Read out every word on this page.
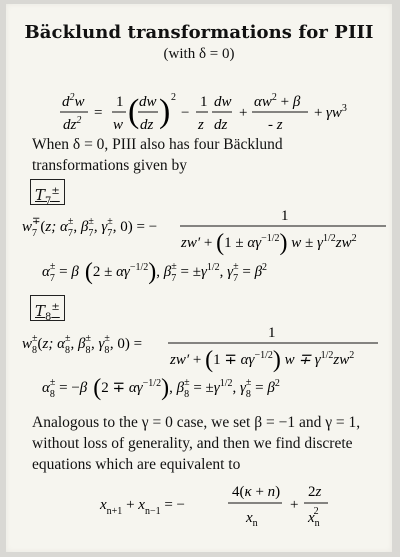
Bäcklund transformations for PIII
(with δ = 0)
$d^2w$
$dz^2$ =
1
w ( dw
dz ) 2
−
1
z
dw
dz
+
$\alpha w^2 + \beta$
- z
+ $\gamma w^3$
When δ = 0, PIII also has four Bäcklund transformations given by
$T_7^\pm$
$w_7\mp(z$; $\alpha_7\pm$, $\beta_7\pm$, $\gamma_7\pm$, 0) = −
1
$zw' + (1 \pm \alpha\gamma^{-1/2})$ $w \pm \gamma^{1/2}zw^2$
$\alpha_7\pm = \beta$ $(2 \pm \alpha\gamma^{-1/2})$, $\beta_7\pm = \pm\gamma^{1/2}$, $\gamma_7\pm = \beta^2$
$T_8^\pm$
$w_8\pm(z$; $\alpha_8\pm$, $\beta_8\pm$, $\gamma_8\pm$, 0) =
1
$zw' + (1 \mp \alpha\gamma^{-1/2})$ $w \mp \gamma^{1/2}zw^2$
$\alpha_8\pm = -\beta$ $(2 \mp \alpha\gamma^{-1/2})$, $\beta_8\pm = \pm\gamma^{1/2}$, $\gamma_8\pm = \beta^2$
Analogous to the γ = 0 case, we set β = −1 and γ = 1, without loss of generality, and then we find discrete equations which are equivalent to
$x_{n+1} + x_{n-1}$ = −
4(κ + n)
$x_n$
+
2z
$x_n2$
